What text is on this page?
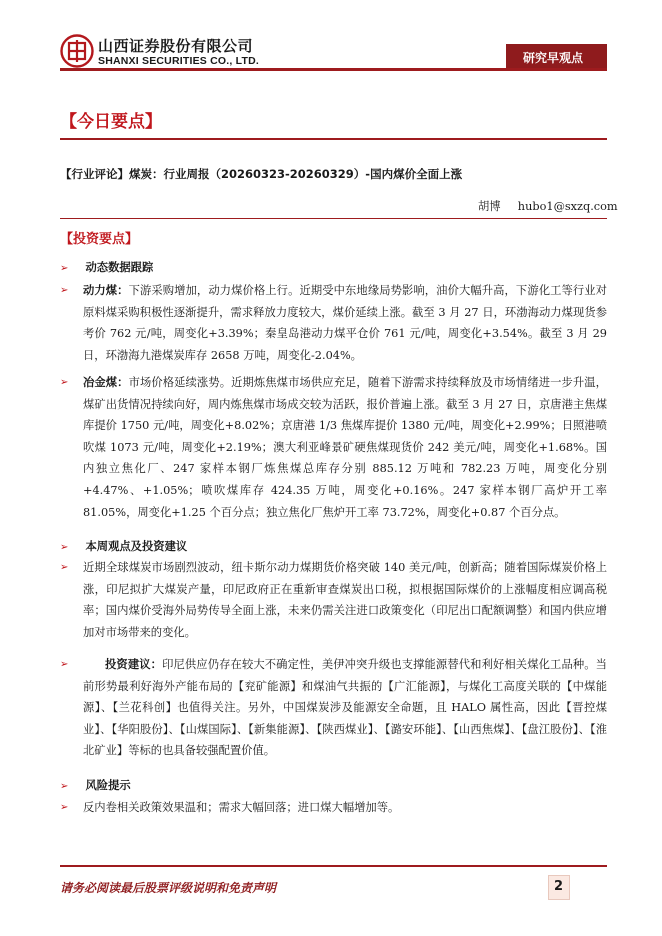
山西证券股份有限公司
SHANXI SECURITIES CO., LTD.	研究早观点
【今日要点】
【行业评论】煤炭：行业周报（20260323-20260329）-国内煤价全面上涨
胡博 hubo1@sxzq.com
【投资要点】
➢ 动态数据跟踪
➢ 动力煤：下游采购增加，动力煤价格上行。近期受中东地缘局势影响，油价大幅升高，下游化工等行业对原料煤采购积极性逐渐提升，需求释放力度较大，煤价延续上涨。截至 3 月 27 日，环渤海动力煤现货参考价 762 元/吨，周变化+3.39%；秦皇岛港动力煤平仓价 761 元/吨，周变化+3.54%。截至 3 月 29 日，环渤海九港煤炭库存 2658 万吨，周变化-2.04%。
➢ 冶金煤：市场价格延续涨势。近期炼焦煤市场供应充足，随着下游需求持续释放及市场情绪进一步升温，煤矿出货情况持续向好，周内炼焦煤市场成交较为活跃，报价普遍上涨。截至 3 月 27 日，京唐港主焦煤库提价 1750 元/吨，周变化+8.02%；京唐港 1/3 焦煤库提价 1380 元/吨，周变化+2.99%；日照港喷吹煤 1073 元/吨，周变化+2.19%；澳大利亚峰景矿硬焦煤现货价 242 美元/吨，周变化+1.68%。国内独立焦化厂、247 家样本钢厂炼焦煤总库存分别 885.12 万吨和 782.23 万吨，周变化分别+4.47%、+1.05%；喷吹煤库存 424.35 万吨，周变化+0.16%。247 家样本钢厂高炉开工率 81.05%，周变化+1.25 个百分点；独立焦化厂焦炉开工率 73.72%，周变化+0.87 个百分点。
➢ 本周观点及投资建议
➢ 近期全球煤炭市场剧烈波动，纽卡斯尔动力煤期货价格突破 140 美元/吨，创新高；随着国际煤炭价格上涨，印尼拟扩大煤炭产量，印尼政府正在重新审查煤炭出口税，拟根据国际煤价的上涨幅度相应调高税率；国内煤价受海外局势传导全面上涨，未来仍需关注进口政策变化（印尼出口配额调整）和国内供应增加对市场带来的变化。
➢	投资建议：印尼供应仍存在较大不确定性，美伊冲突升级也支撑能源替代和利好相关煤化工品种。当前形势最利好海外产能布局的【兖矿能源】和煤油气共振的【广汇能源】，与煤化工高度关联的【中煤能源】、【兰花科创】也值得关注。另外，中国煤炭涉及能源安全命题，且 HALO 属性高，因此【晋控煤业】、【华阳股份】、【山煤国际】、【新集能源】、【陕西煤业】、【潞安环能】、【山西焦煤】、【盘江股份】、【淮北矿业】等标的也具备较强配置价值。
➢ 风险提示
➢ 反内卷相关政策效果温和；需求大幅回落；进口煤大幅增加等。
请务必阅读最后股票评级说明和免责声明	2
